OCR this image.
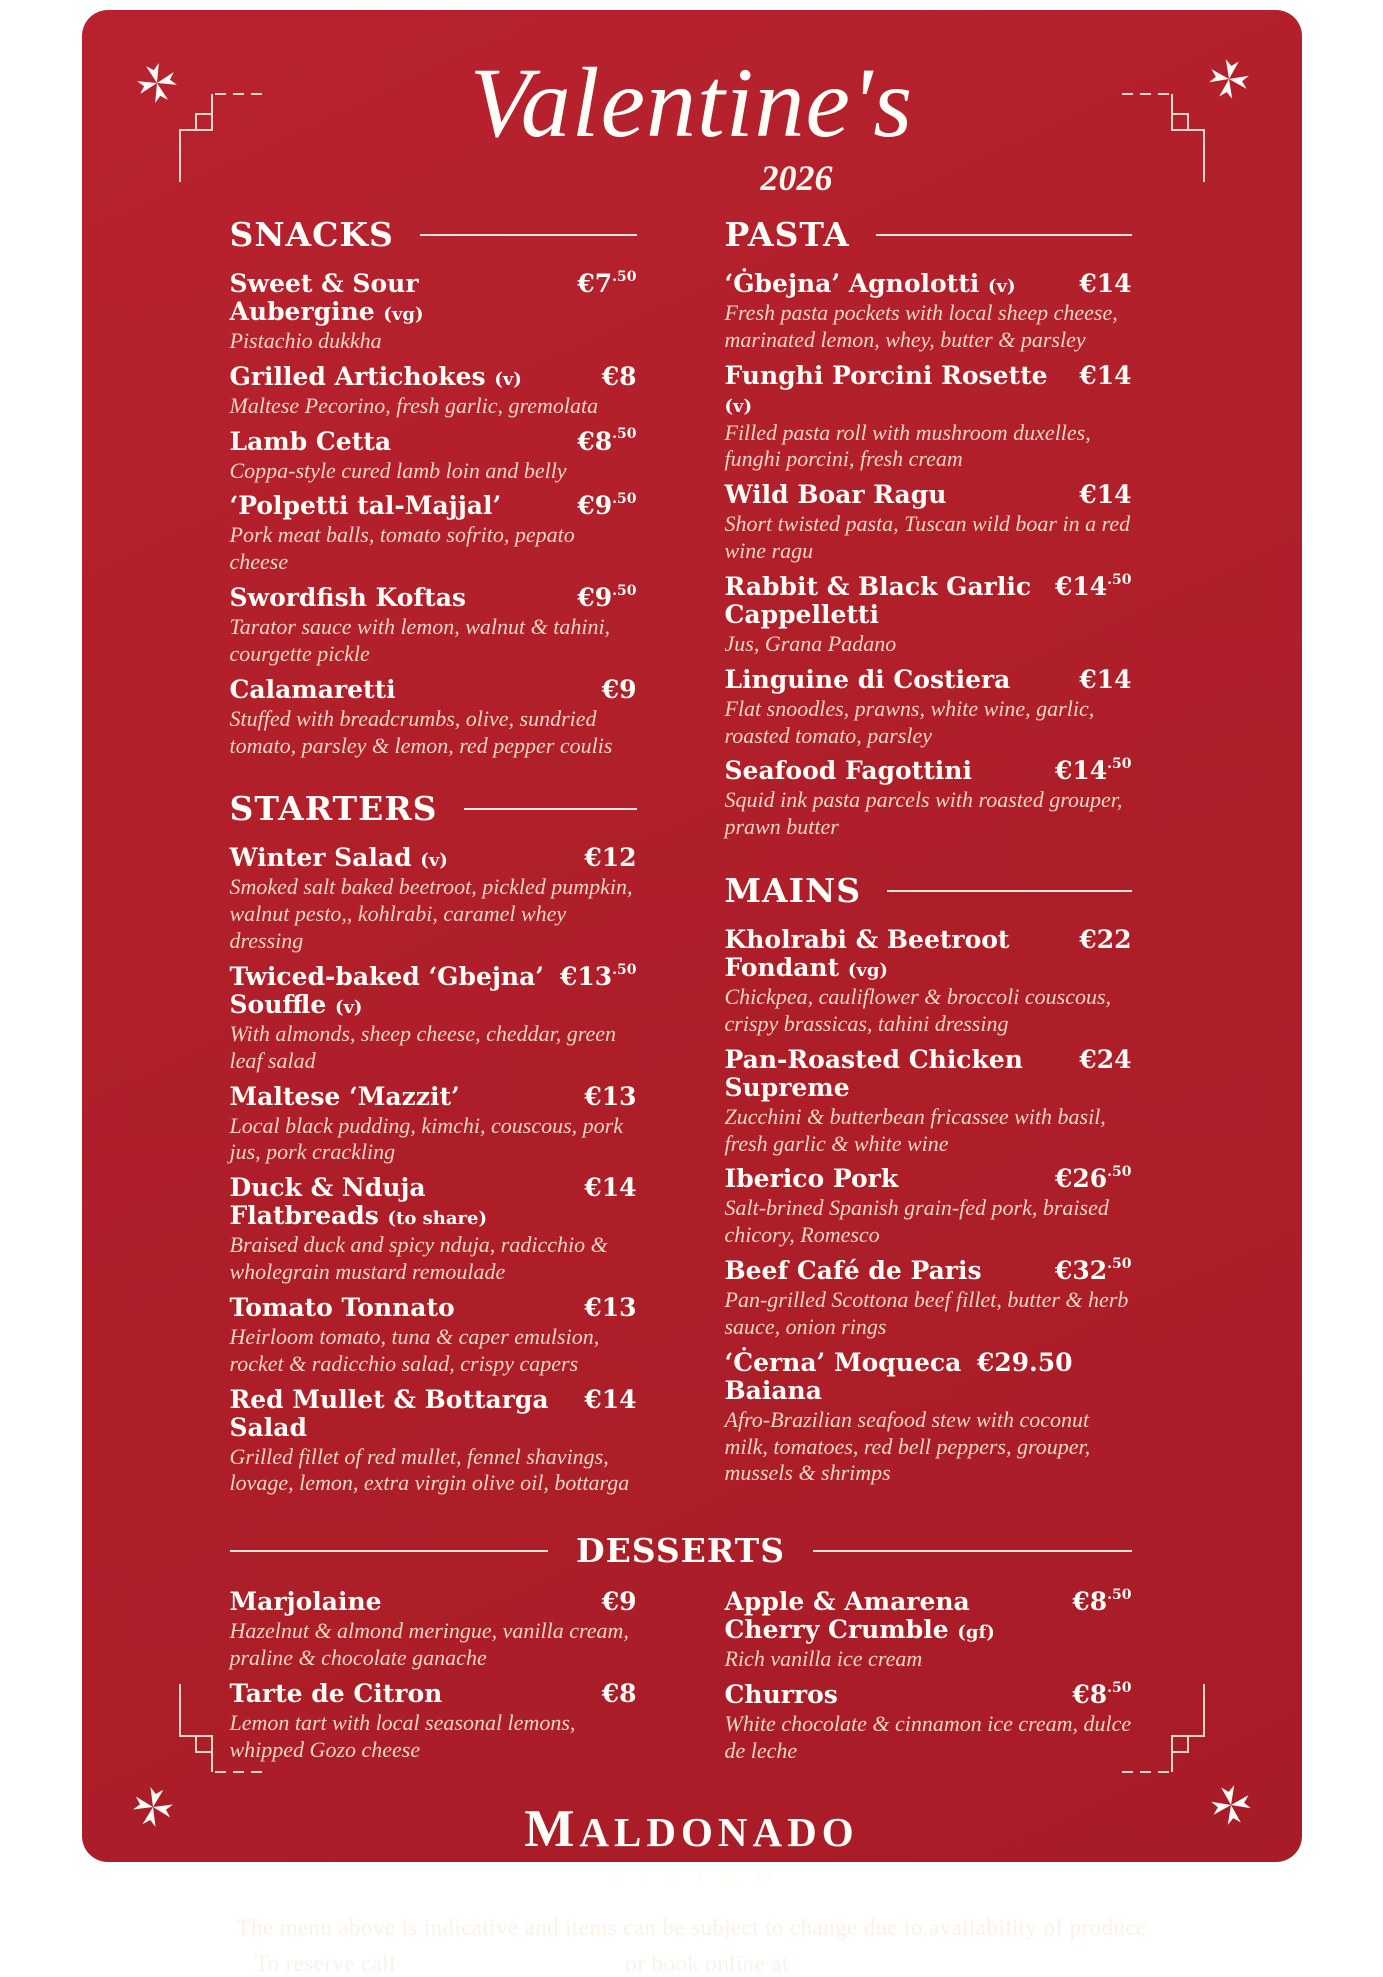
Valentine's
2026
SNACKS
Sweet & Sour Aubergine (vg)
$€7^{.50}$

Pistachio dukkha

Grilled Artichokes (v)	€8

Maltese Pecorino, fresh garlic, gremolata

Lamb Cetta	$€8^{.50}$

Coppa-style cured lamb loin and belly

‘Polpetti tal-Majjal’	$€9^{.50}$

Pork meat balls, tomato sofrito, pepato cheese

Swordfish Koftas	$€9^{.50}$

Tarator sauce with lemon, walnut & tahini, courgette pickle

Calamaretti	€9

Stuffed with breadcrumbs, olive, sundried tomato, parsley & lemon, red pepper coulis

STARTERS
Winter Salad (v)	€12

Smoked salt baked beetroot, pickled pumpkin, walnut pesto,, kohlrabi, caramel whey dressing

Twiced-baked ‘Gbejna’ Souffle (v)
$€13^{.50}$

With almonds, sheep cheese, cheddar, green leaf salad

Maltese ‘Mazzit’	€13

Local black pudding, kimchi, couscous, pork jus, pork crackling

Duck & Nduja Flatbreads (to share)
€14

Braised duck and spicy nduja, radicchio & wholegrain mustard remoulade

Tomato Tonnato	€13

Heirloom tomato, tuna & caper emulsion, rocket & radicchio salad, crispy capers

Red Mullet & Bottarga Salad
€14

Grilled fillet of red mullet, fennel shavings, lovage, lemon, extra virgin olive oil, bottarga

PASTA
‘Ġbejna’ Agnolotti (v)	€14

Fresh pasta pockets with local sheep cheese, marinated lemon, whey, butter & parsley

Funghi Porcini Rosette (v)
€14

Filled pasta roll with mushroom duxelles, funghi porcini, fresh cream

Wild Boar Ragu	€14

Short twisted pasta, Tuscan wild boar in a red wine ragu

Rabbit & Black Garlic Cappelletti
$€14^{.50}$

Jus, Grana Padano

Linguine di Costiera	€14

Flat snoodles, prawns, white wine, garlic, roasted tomato, parsley

Seafood Fagottini	$€14^{.50}$

Squid ink pasta parcels with roasted grouper, prawn butter

MAINS
Kholrabi & Beetroot Fondant (vg)
€22

Chickpea, cauliflower & broccoli couscous, crispy brassicas, tahini dressing

Pan-Roasted Chicken Supreme
€24

Zucchini & butterbean fricassee with basil, fresh garlic & white wine

Iberico Pork	$€26^{.50}$

Salt-brined Spanish grain-fed pork, braised chicory, Romesco

Beef Café de Paris	$€32^{.50}$

Pan-grilled Scottona beef fillet, butter & herb sauce, onion rings

‘Ċerna’ Moqueca Baiana
€29.50

Afro-Brazilian seafood stew with coconut milk, tomatoes, red bell peppers, grouper, mussels & shrimps

DESSERTS
Marjolaine	€9

Hazelnut & almond meringue, vanilla cream, praline & chocolate ganache

Tarte de Citron	€8

Lemon tart with local seasonal lemons, whipped Gozo cheese

Apple & Amarena Cherry Crumble (gf)
$€8^{.50}$

Rich vanilla ice cream

Churros	$€8^{.50}$

White chocolate & cinnamon ice cream, dulce de leche

MALDONADO
BISTRO

The menu above is indicative and items can be subject to change due to availability of produce

To reserve call +356 99019270 or book online at www.maldonado.com.mt
